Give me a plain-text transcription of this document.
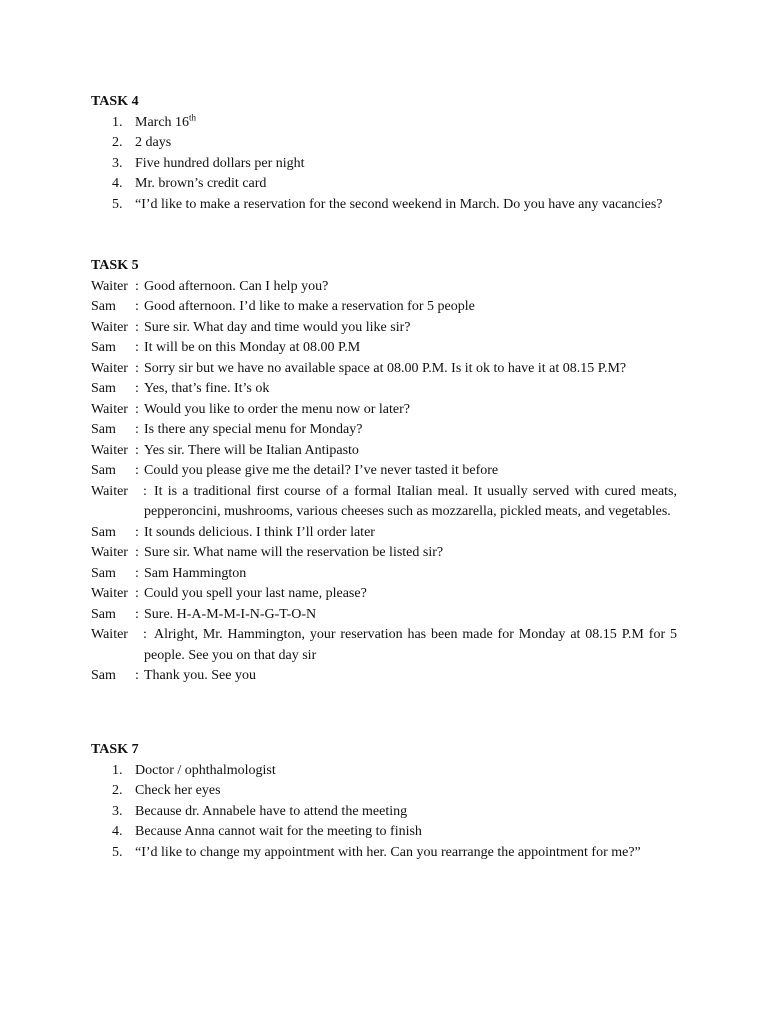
TASK 4
1. March 16th
2. 2 days
3. Five hundred dollars per night
4. Mr. brown’s credit card
5. “I’d like to make a reservation for the second weekend in March. Do you have any vacancies?
TASK 5
Waiter : Good afternoon. Can I help you?
Sam	: Good afternoon. I’d like to make a reservation for 5 people
Waiter : Sure sir. What day and time would you like sir?
Sam	: It will be on this Monday at 08.00 P.M
Waiter : Sorry sir but we have no available space at 08.00 P.M. Is it ok to have it at 08.15 P.M?
Sam	: Yes, that’s fine. It’s ok
Waiter : Would you like to order the menu now or later?
Sam	: Is there any special menu for Monday?
Waiter : Yes sir. There will be Italian Antipasto
Sam	: Could you please give me the detail? I’ve never tasted it before
Waiter	: It is a traditional first course of a formal Italian meal. It usually served with cured meats, pepperoncini, mushrooms, various cheeses such as mozzarella, pickled meats, and vegetables.
Sam	: It sounds delicious. I think I’ll order later
Waiter : Sure sir. What name will the reservation be listed sir?
Sam	: Sam Hammington
Waiter : Could you spell your last name, please?
Sam	: Sure. H-A-M-M-I-N-G-T-O-N
Waiter	: Alright, Mr. Hammington, your reservation has been made for Monday at 08.15 P.M for 5 people. See you on that day sir
Sam	: Thank you. See you
TASK 7
1. Doctor / ophthalmologist
2. Check her eyes
3. Because dr. Annabele have to attend the meeting
4. Because Anna cannot wait for the meeting to finish
5. “I’d like to change my appointment with her. Can you rearrange the appointment for me?”
